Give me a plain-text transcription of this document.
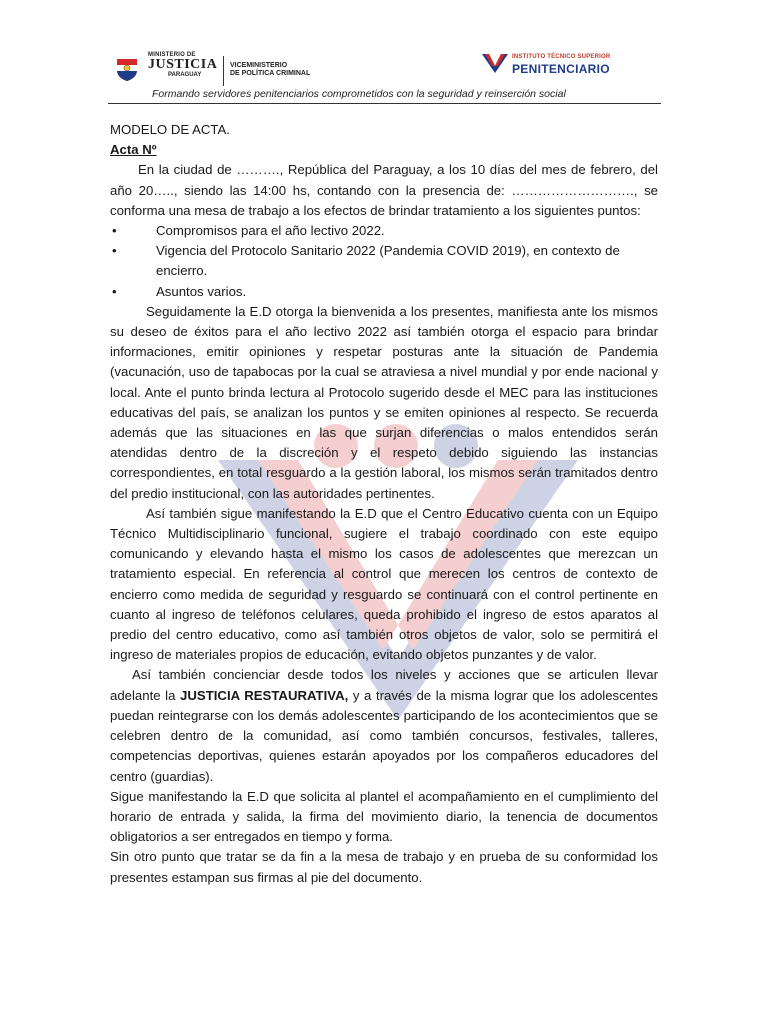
MINISTERIO DE
JUSTICIA
PARAGUAY
VICEMINISTERIO
DE POLÍTICA CRIMINAL
INSTITUTO TÉCNICO SUPERIOR
PENITENCIARIO
Formando servidores penitenciarios comprometidos con la seguridad y reinserción social

MODELO DE ACTA.

Acta Nº

En la ciudad de ………., República del Paraguay, a los 10 días del mes de febrero, del año 20….., siendo las 14:00 hs, contando con la presencia de: ………………………., se conforma una mesa de trabajo a los efectos de brindar tratamiento a los siguientes puntos:

•	Compromisos para el año lectivo 2022.
•	Vigencia del Protocolo Sanitario 2022 (Pandemia COVID 2019), en contexto de encierro.
•	Asuntos varios.

Seguidamente la E.D otorga la bienvenida a los presentes, manifiesta ante los mismos su deseo de éxitos para el año lectivo 2022 así también otorga el espacio para brindar informaciones, emitir opiniones y respetar posturas ante la situación de Pandemia (vacunación, uso de tapabocas por la cual se atraviesa a nivel mundial y por ende nacional y local. Ante el punto brinda lectura al Protocolo sugerido desde el MEC para las instituciones educativas del país, se analizan los puntos y se emiten opiniones al respecto. Se recuerda además que las situaciones en las que surjan diferencias o malos entendidos serán atendidas dentro de la discreción y el respeto debido siguiendo las instancias correspondientes, en total resguardo a la gestión laboral, los mismos serán tramitados dentro del predio institucional, con las autoridades pertinentes.

Así también sigue manifestando la E.D que el Centro Educativo cuenta con un Equipo Técnico Multidisciplinario funcional, sugiere el trabajo coordinado con este equipo comunicando y elevando hasta el mismo los casos de adolescentes que merezcan un tratamiento especial. En referencia al control que merecen los centros de contexto de encierro como medida de seguridad y resguardo se continuará con el control pertinente en cuanto al ingreso de teléfonos celulares, queda prohibido el ingreso de estos aparatos al predio del centro educativo, como así también otros objetos de valor, solo se permitirá el ingreso de materiales propios de educación, evitando objetos punzantes y de valor.

Así también concienciar desde todos los niveles y acciones que se articulen llevar adelante la JUSTICIA RESTAURATIVA, y a través de la misma lograr que los adolescentes puedan reintegrarse con los demás adolescentes participando de los acontecimientos que se celebren dentro de la comunidad, así como también concursos, festivales, talleres, competencias deportivas, quienes estarán apoyados por los compañeros educadores del centro (guardias).

Sigue manifestando la E.D que solicita al plantel el acompañamiento en el cumplimiento del horario de entrada y salida, la firma del movimiento diario, la tenencia de documentos obligatorios a ser entregados en tiempo y forma.

Sin otro punto que tratar se da fin a la mesa de trabajo y en prueba de su conformidad los presentes estampan sus firmas al pie del documento.
